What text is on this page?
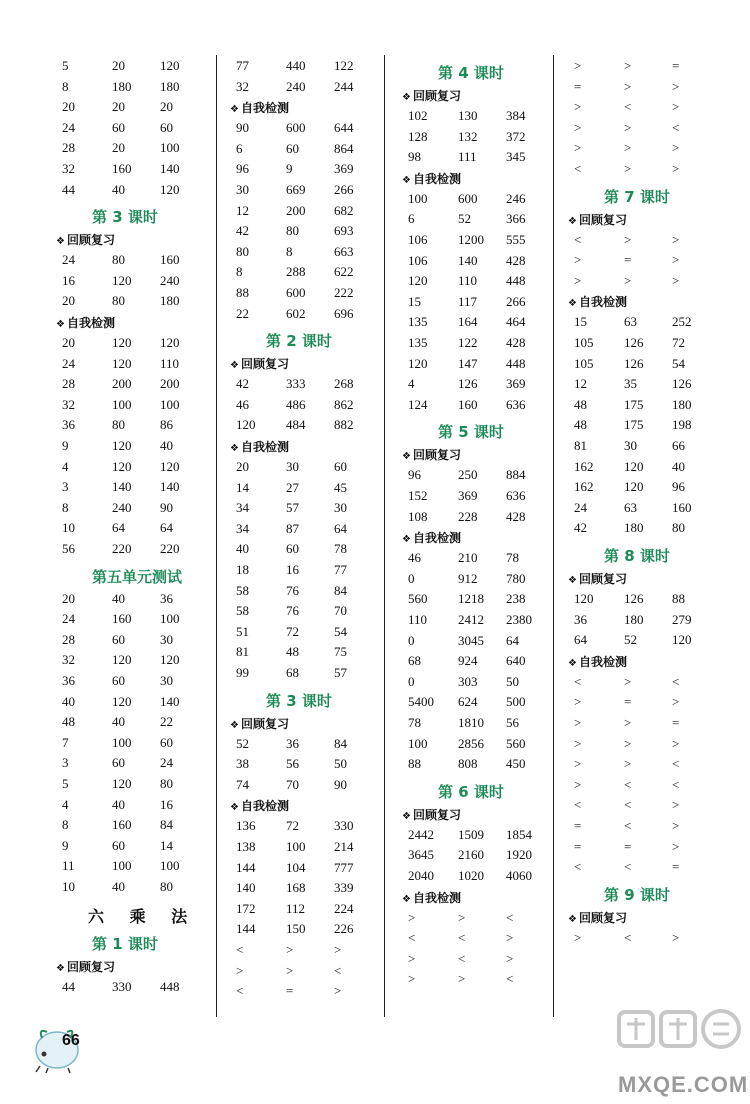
5	20	120
8	180 180
20	20	20
24	60	60
28	20	100
32	160 140
44	40	120
第 3 课时
❖ 回顾复习
24	80	160
16	120 240
20	80	180
❖ 自我检测
20	120 120
24	120 110
28	200 200
32	100 100
36	80	86
9	120 40
4	120 120
3	140 140
8	240 90
10	64	64
56	220 220
第五单元测试
20	40	36
24	160 100
28	60	30
32	120 120
36	60	30
40	120 140
48	40	22
7	100 60
3	60	24
5	120 80
4	40	16
8	160 84
9	60	14
11	100 100
10	40	80
六 乘 法
第 1 课时
❖ 回顾复习
44	330 448
77	440 122
32	240 244
❖ 自我检测
90	600 644
6	60	864
96	9	369
30	669 266
12	200 682
42	80	693
80	8	663
8	288 622
88	600 222
22	602 696
第 2 课时
❖ 回顾复习
42	333 268
46	486 862
120 484 882
❖ 自我检测
20	30	60
14	27	45
34	57	30
34	87	64
40	60	78
18	16	77
58	76	84
58	76	70
51	72	54
81	48	75
99	68	57
第 3 课时
❖ 回顾复习
52	36	84
38	56	50
74	70	90
❖ 自我检测
136 72	330
138 100 214
144 104 777
140 168 339
172 112 224
144 150 226
<	>	>
>	>	<
<	=	>
第 4 课时
❖ 回顾复习
102 130 384
128 132 372
98	111 345
❖ 自我检测
100 600 246
6	52	366
106 1200 555
106 140 428
120 110 448
15	117 266
135 164 464
135 122 428
120 147 448
4	126 369
124 160 636
第 5 课时
❖ 回顾复习
96	250 884
152 369 636
108 228 428
❖ 自我检测
46	210 78
0	912 780
560 1218 238
110 2412 2380
0	3045 64
68	924 640
0	303 50
5400 624 500
78	1810 56
100 2856 560
88	808 450
第 6 课时
❖ 回顾复习
2442 1509 1854
3645 2160 1920
2040 1020 4060
❖ 自我检测
>	>	<
<	<	>
>	<	>
>	>	<
>	>	=
=	>	>
>	<	>
>	>	<
>	>	>
<	>	>
第 7 课时
❖ 回顾复习
<	>	>
>	=	>
>	>	>
❖ 自我检测
15	63	252
105 126 72
105 126 54
12	35	126
48	175 180
48	175 198
81	30	66
162 120 40
162 120 96
24	63	160
42	180 80
第 8 课时
❖ 回顾复习
120 126 88
36	180 279
64	52	120
❖ 自我检测
<	>	<
>	=	>
>	>	=
>	>	>
>	>	<
>	<	<
<	<	>
=	<	>
=	=	>
<	<	=
第 9 课时
❖ 回顾复习
>	<	>
66
MXQE.COM
